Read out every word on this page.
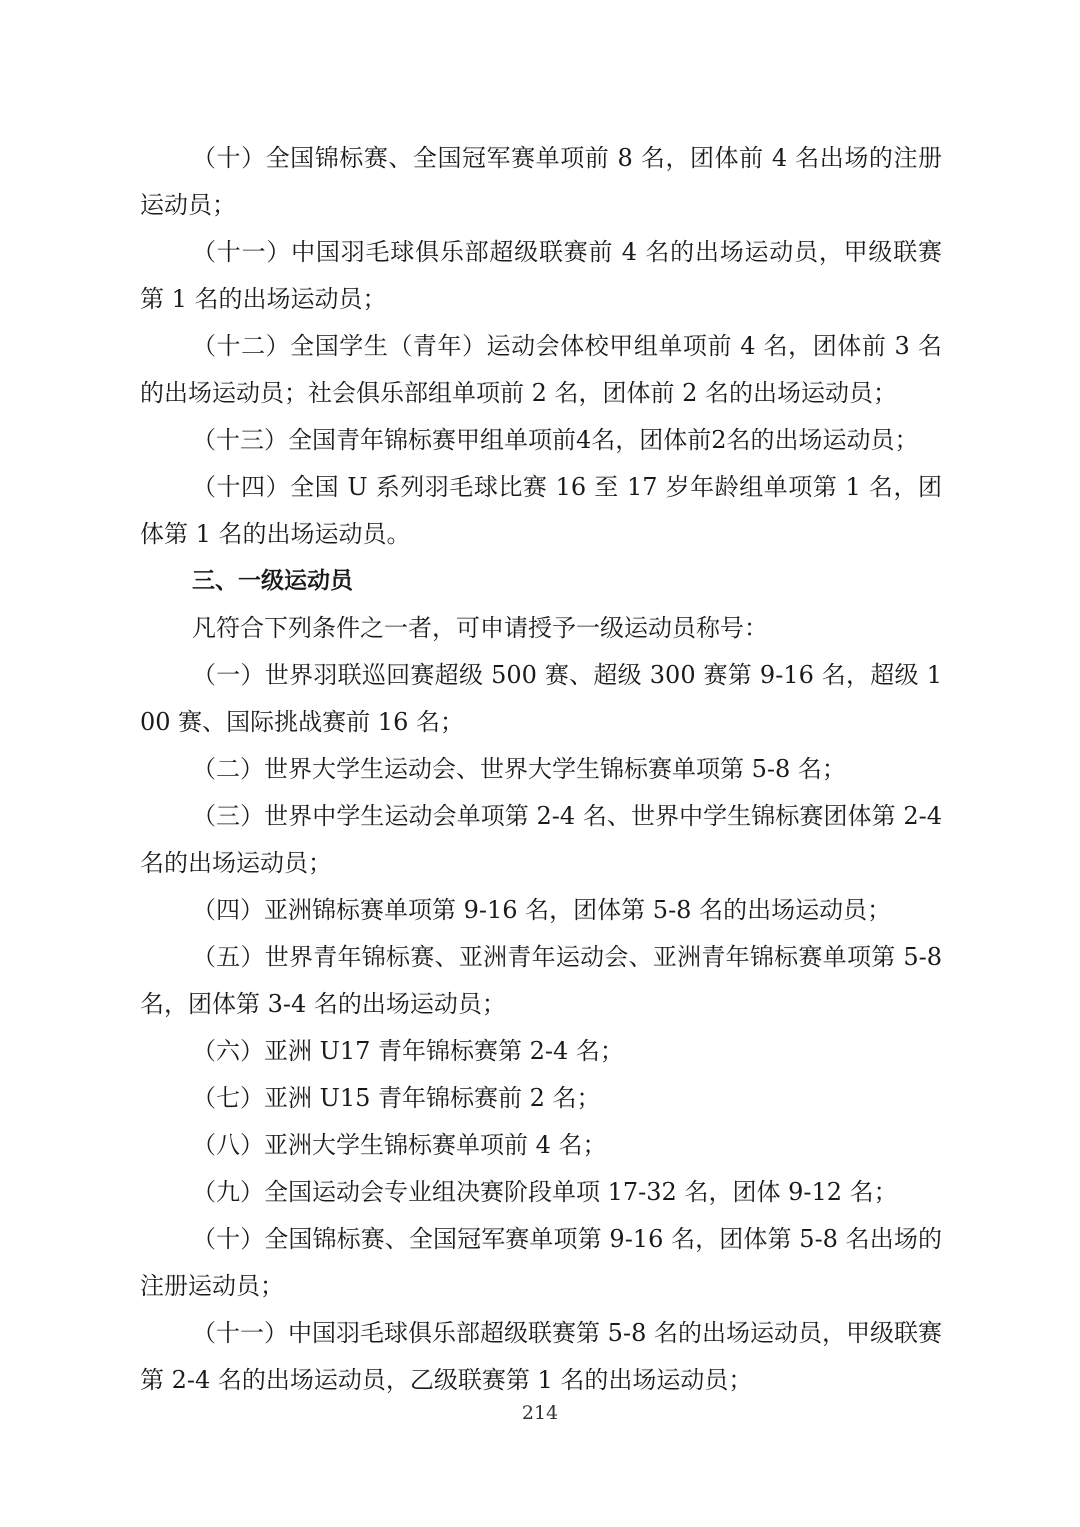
（十）全国锦标赛、全国冠军赛单项前 8 名，团体前 4 名出场的注册运动员；

（十一）中国羽毛球俱乐部超级联赛前 4 名的出场运动员，甲级联赛第 1 名的出场运动员；

（十二）全国学生（青年）运动会体校甲组单项前 4 名，团体前 3 名的出场运动员；社会俱乐部组单项前 2 名，团体前 2 名的出场运动员；

（十三）全国青年锦标赛甲组单项前4名，团体前2名的出场运动员；

（十四）全国 U 系列羽毛球比赛 16 至 17 岁年龄组单项第 1 名，团体第 1 名的出场运动员。

三、一级运动员

凡符合下列条件之一者，可申请授予一级运动员称号：

（一）世界羽联巡回赛超级 500 赛、超级 300 赛第 9-16 名，超级 100 赛、国际挑战赛前 16 名；

（二）世界大学生运动会、世界大学生锦标赛单项第 5-8 名；

（三）世界中学生运动会单项第 2-4 名、世界中学生锦标赛团体第 2-4 名的出场运动员；

（四）亚洲锦标赛单项第 9-16 名，团体第 5-8 名的出场运动员；

（五）世界青年锦标赛、亚洲青年运动会、亚洲青年锦标赛单项第 5-8 名，团体第 3-4 名的出场运动员；

（六）亚洲 U17 青年锦标赛第 2-4 名；

（七）亚洲 U15 青年锦标赛前 2 名；

（八）亚洲大学生锦标赛单项前 4 名；

（九）全国运动会专业组决赛阶段单项 17-32 名，团体 9-12 名；

（十）全国锦标赛、全国冠军赛单项第 9-16 名，团体第 5-8 名出场的注册运动员；

（十一）中国羽毛球俱乐部超级联赛第 5-8 名的出场运动员，甲级联赛第 2-4 名的出场运动员，乙级联赛第 1 名的出场运动员；

214
